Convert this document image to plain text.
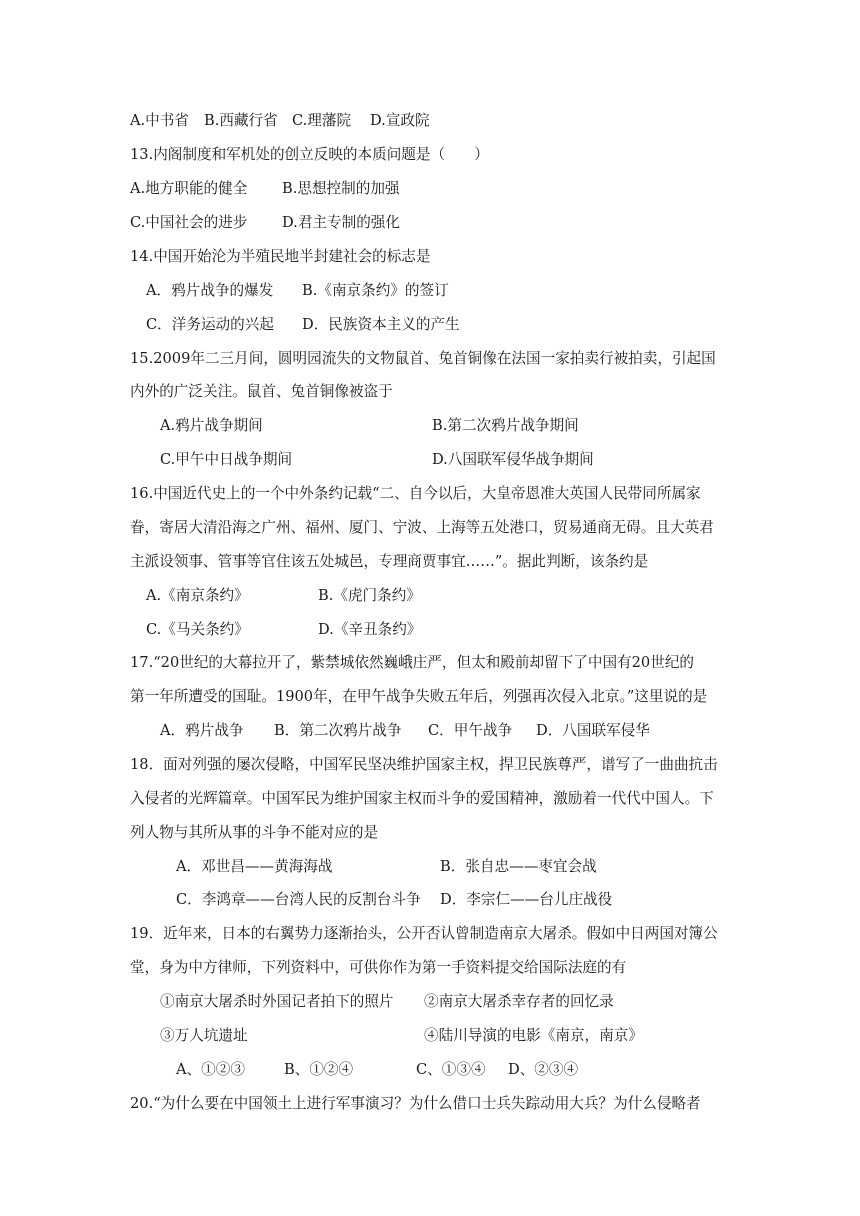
A.中书省 B.西藏行省 C.理藩院 D.宣政院
13.内阁制度和军机处的创立反映的本质问题是（　　）
A.地方职能的健全 B.思想控制的加强
C.中国社会的进步 D.君主专制的强化
14.中国开始沦为半殖民地半封建社会的标志是
A．鸦片战争的爆发 B.《南京条约》的签订
C．洋务运动的兴起 D．民族资本主义的产生
15.2009年二三月间，圆明园流失的文物鼠首、兔首铜像在法国一家拍卖行被拍卖，引起国
内外的广泛关注。鼠首、兔首铜像被盗于
A.鸦片战争期间	B.第二次鸦片战争期间
C.甲午中日战争期间	D.八国联军侵华战争期间
16.中国近代史上的一个中外条约记载“二、自今以后，大皇帝恩准大英国人民带同所属家
眷，寄居大清沿海之广州、福州、厦门、宁波、上海等五处港口，贸易通商无碍。且大英君
主派设领事、管事等官住该五处城邑，专理商贾事宜……”。据此判断，该条约是
A.《南京条约》	B.《虎门条约》
C.《马关条约》	D.《辛丑条约》
17.“20世纪的大幕拉开了，紫禁城依然巍峨庄严，但太和殿前却留下了中国有20世纪的
第一年所遭受的国耻。1900年，在甲午战争失败五年后，列强再次侵入北京。”这里说的是
A．鸦片战争 B．第二次鸦片战争 C．甲午战争 D．八国联军侵华
18．面对列强的屡次侵略，中国军民坚决维护国家主权，捍卫民族尊严，谱写了一曲曲抗击
入侵者的光辉篇章。中国军民为维护国家主权而斗争的爱国精神，激励着一代代中国人。下
列人物与其所从事的斗争不能对应的是
A．邓世昌——黄海海战	B．张自忠——枣宜会战
C．李鸿章——台湾人民的反割台斗争 D．李宗仁——台儿庄战役
19．近年来，日本的右翼势力逐渐抬头，公开否认曾制造南京大屠杀。假如中日两国对簿公
堂，身为中方律师，下列资料中，可供你作为第一手资料提交给国际法庭的有
①南京大屠杀时外国记者拍下的照片 ②南京大屠杀幸存者的回忆录
③万人坑遗址	④陆川导演的电影《南京，南京》
A、①②③	B、①②④	C、①③④ D、②③④
20.“为什么要在中国领土上进行军事演习？为什么借口士兵失踪动用大兵？为什么侵略者
